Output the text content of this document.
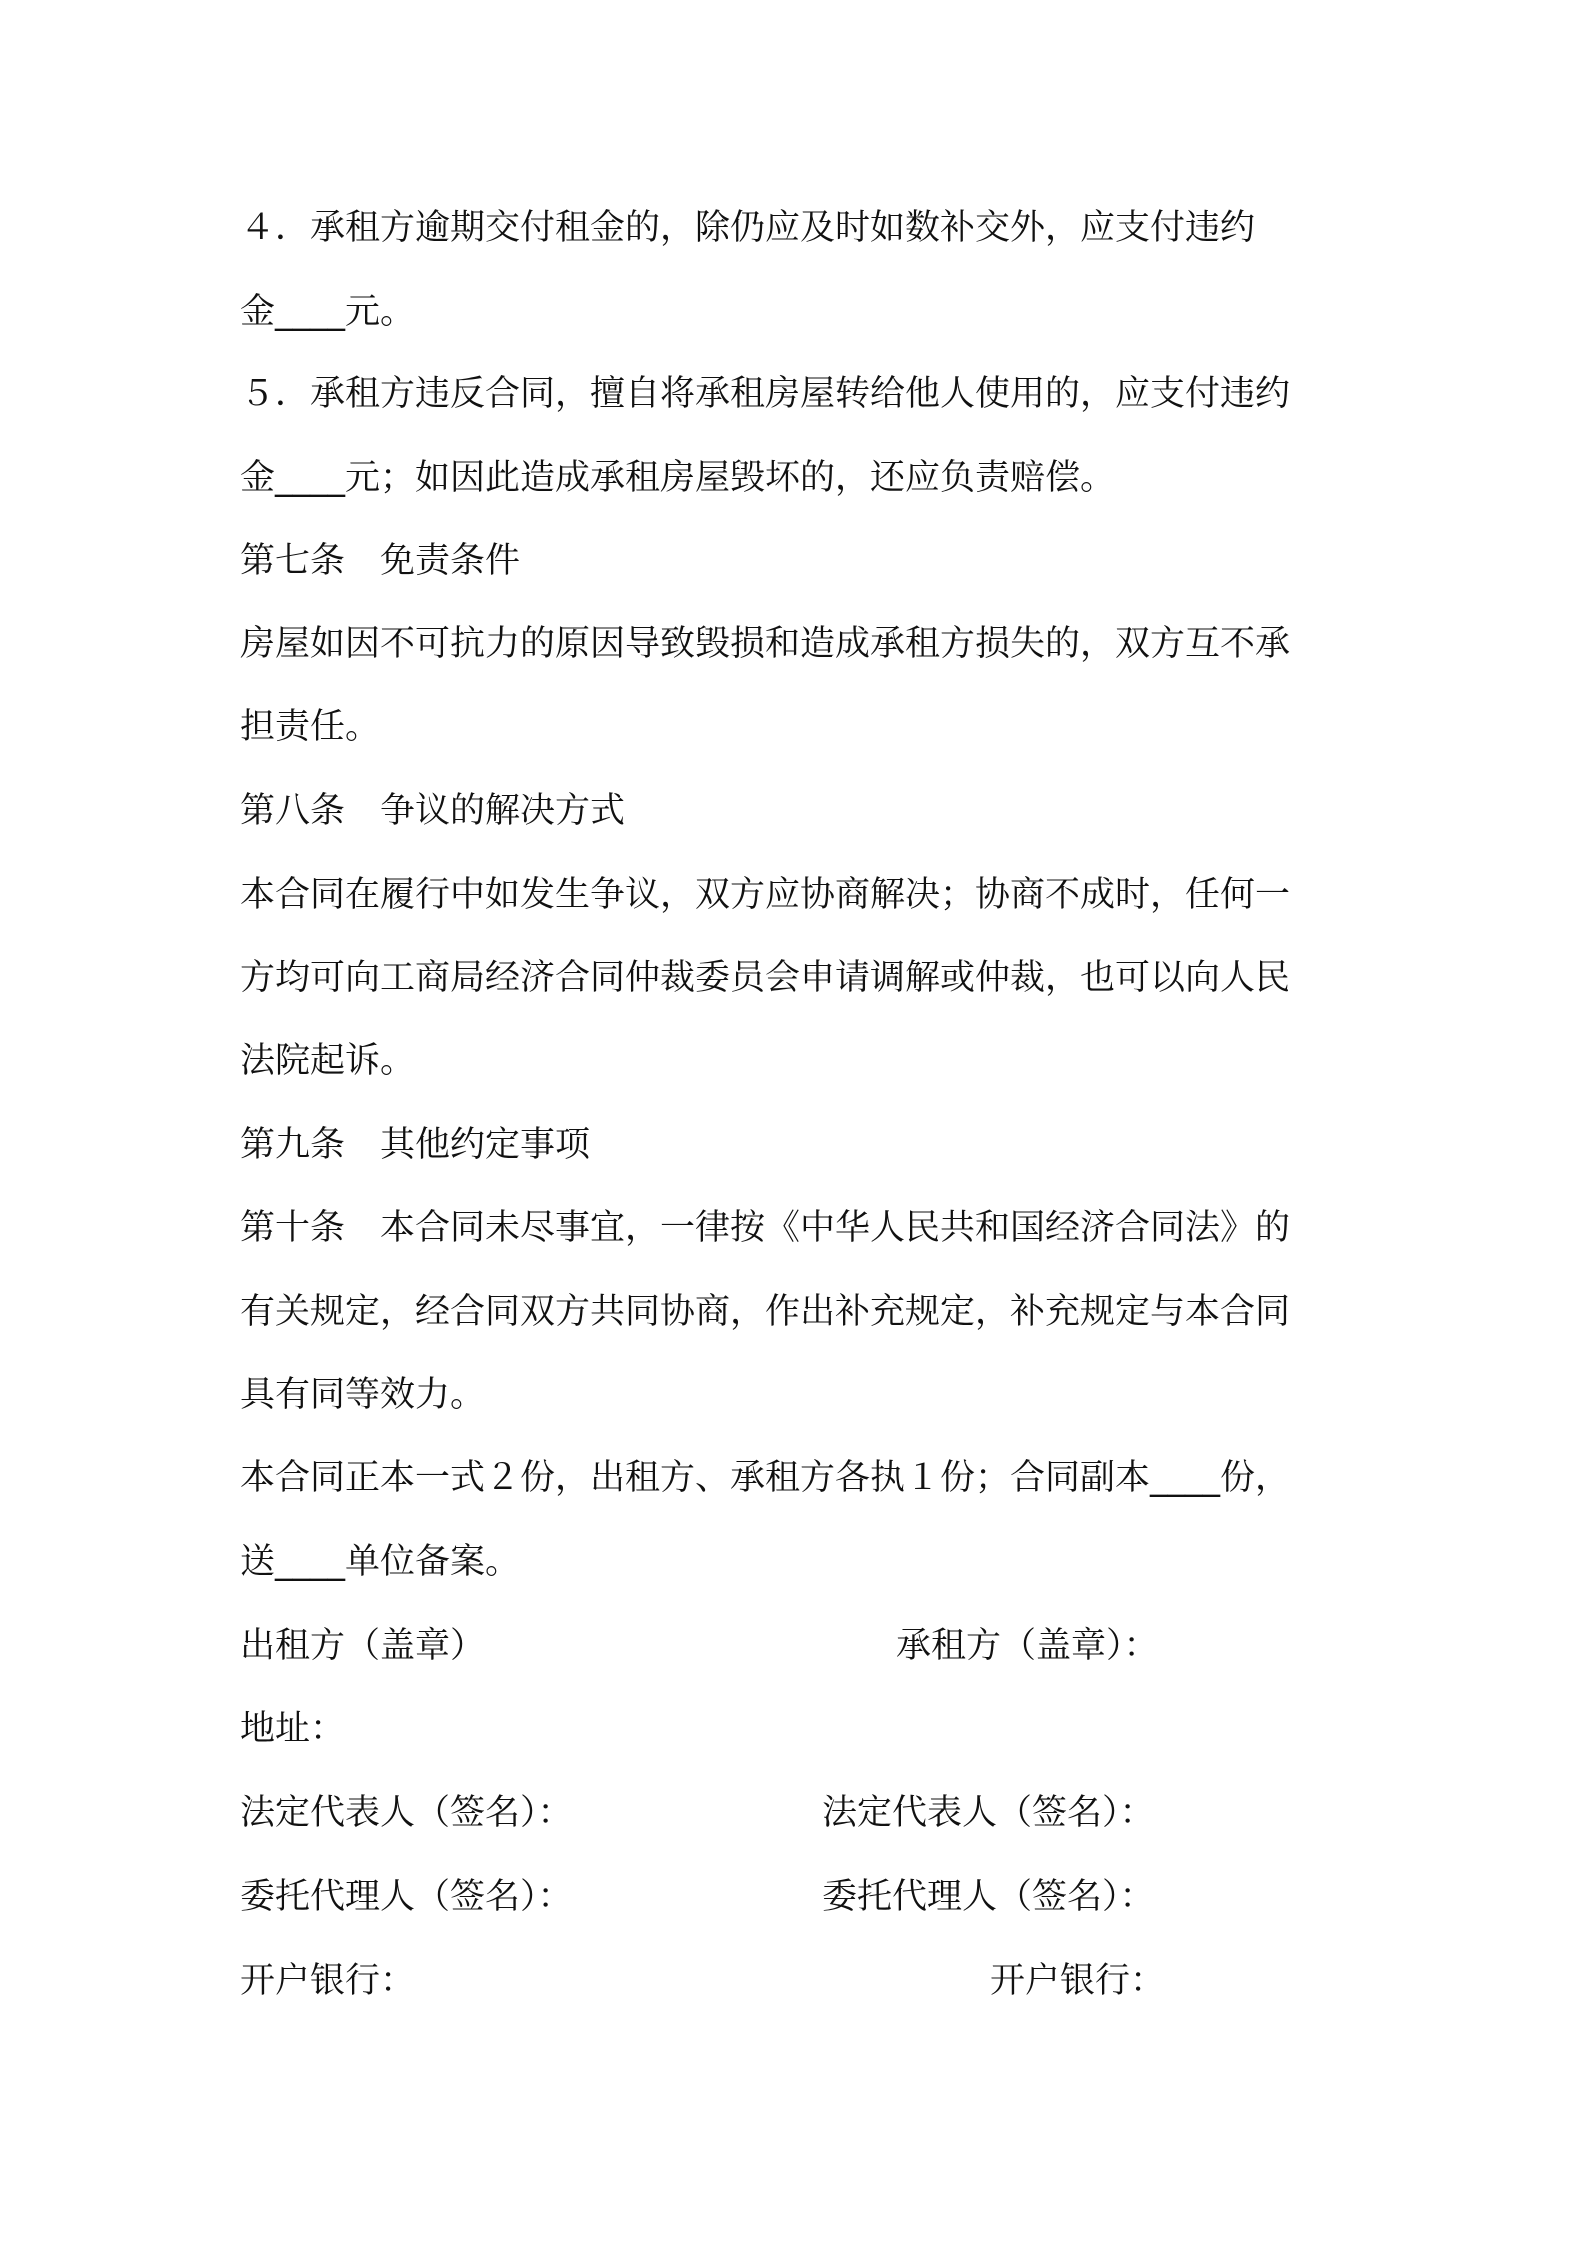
４．承租方逾期交付租金的，除仍应及时如数补交外，应支付违约

金____元。

５．承租方违反合同，擅自将承租房屋转给他人使用的，应支付违约

金____元；如因此造成承租房屋毁坏的，还应负责赔偿。

第七条　免责条件

房屋如因不可抗力的原因导致毁损和造成承租方损失的，双方互不承

担责任。

第八条　争议的解决方式

本合同在履行中如发生争议，双方应协商解决；协商不成时，任何一

方均可向工商局经济合同仲裁委员会申请调解或仲裁，也可以向人民

法院起诉。

第九条　其他约定事项

第十条　本合同未尽事宜，一律按《中华人民共和国经济合同法》的

有关规定，经合同双方共同协商，作出补充规定，补充规定与本合同

具有同等效力。

本合同正本一式２份，出租方、承租方各执１份；合同副本____份，

送____单位备案。

出租方（盖章）	承租方（盖章）：

地址：

法定代表人（签名）：	法定代表人（签名）：

委托代理人（签名）：	委托代理人（签名）：

开户银行：	开户银行：
